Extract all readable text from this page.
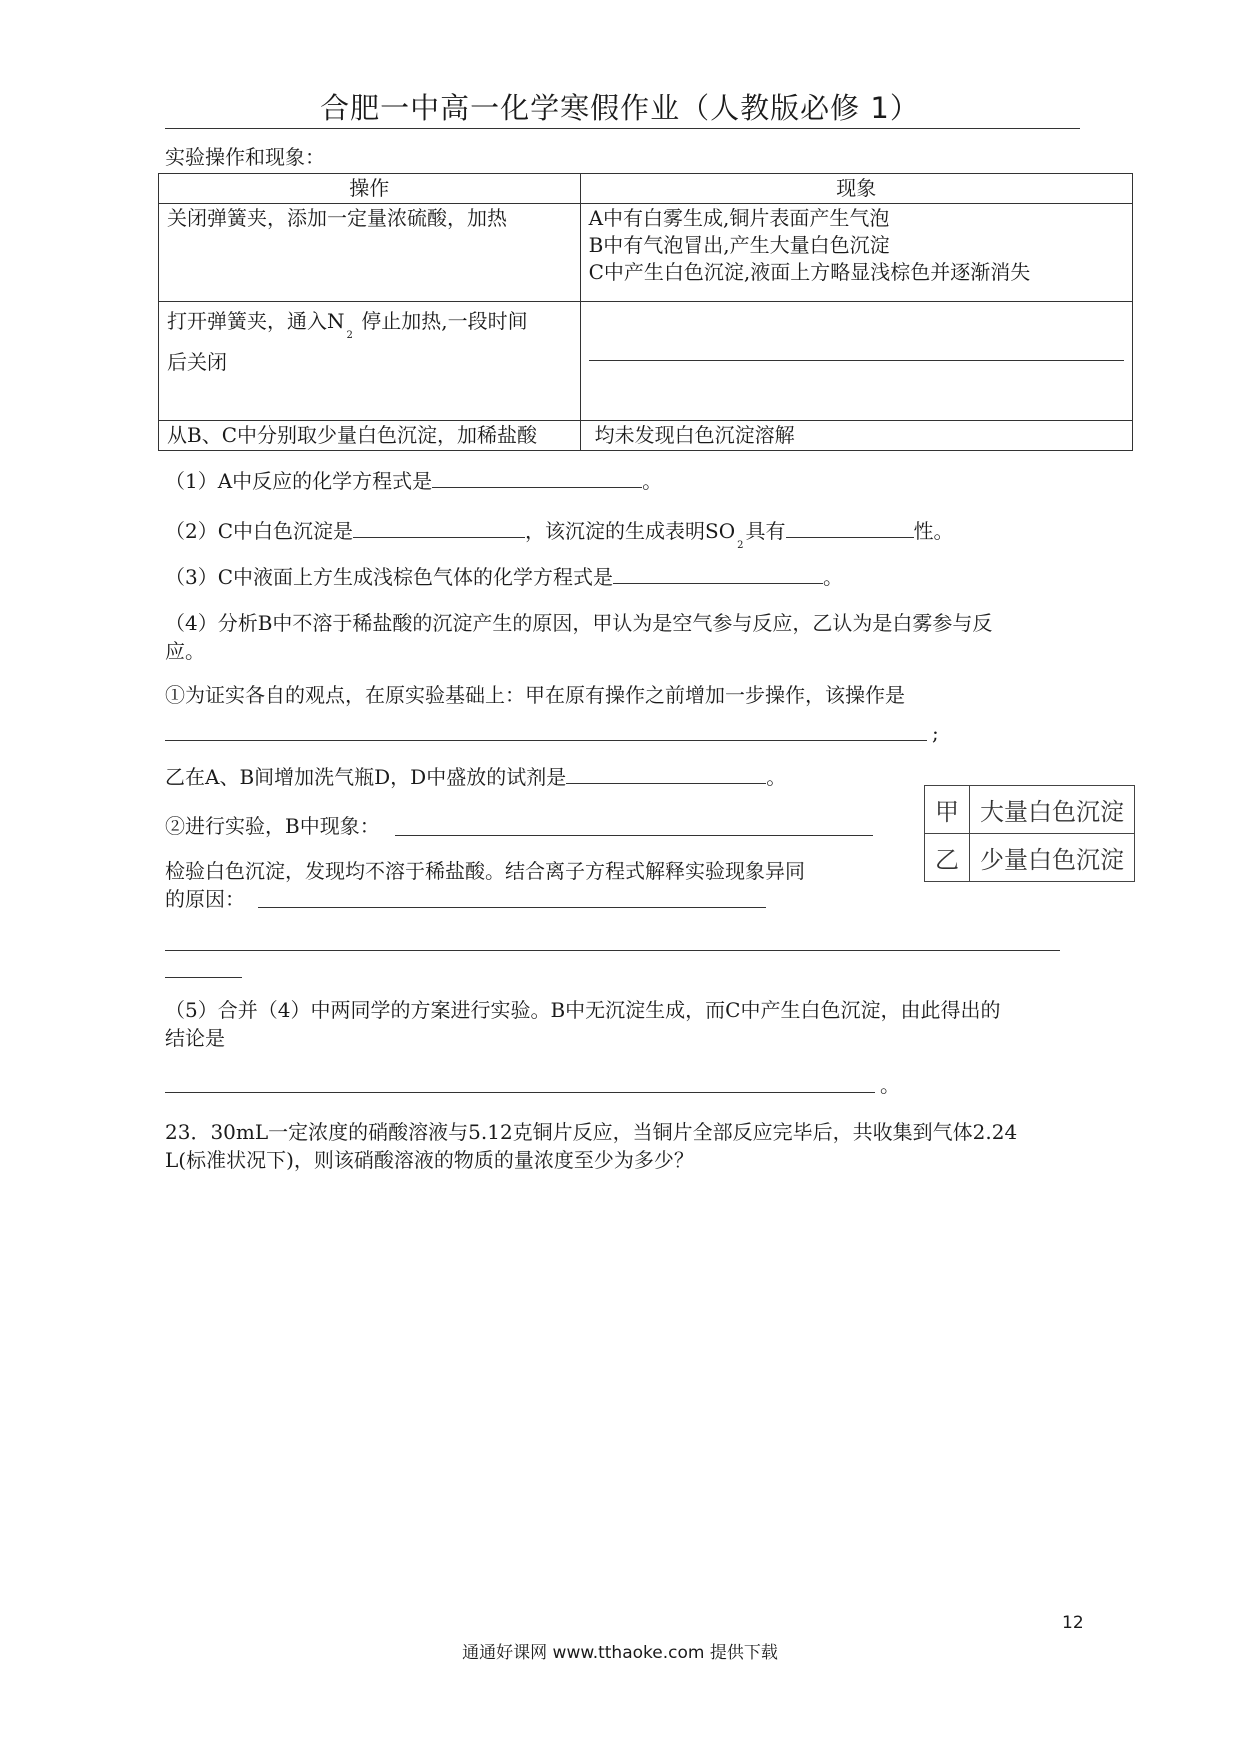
合肥一中高一化学寒假作业（人教版必修 1）
实验操作和现象：
操作	现象
关闭弹簧夹，添加一定量浓硫酸，加热	A中有白雾生成,铜片表面产生气泡
B中有气泡冒出,产生大量白色沉淀
C中产生白色沉淀,液面上方略显浅棕色并逐渐消失

打开弹簧夹，通入$N_2$ 停止加热,一段时间
后关闭	

从B、C中分别取少量白色沉淀，加稀盐酸	均未发现白色沉淀溶解
（1）A中反应的化学方程式是	。
（2）C中白色沉淀是	，该沉淀的生成表明$SO_2$具有	性。
（3）C中液面上方生成浅棕色气体的化学方程式是	。
（4）分析B中不溶于稀盐酸的沉淀产生的原因，甲认为是空气参与反应，乙认为是白雾参与反
应。
①为证实各自的观点，在原实验基础上：甲在原有操作之前增加一步操作，该操作是
;
乙在A、B间增加洗气瓶D，D中盛放的试剂是	。
②进行实验，B中现象：
检验白色沉淀，发现均不溶于稀盐酸。结合离子方程式解释实验现象异同
的原因：
甲	大量白色沉淀
乙	少量白色沉淀
（5）合并（4）中两同学的方案进行实验。B中无沉淀生成，而C中产生白色沉淀，由此得出的
结论是
。
23．30mL一定浓度的硝酸溶液与5.12克铜片反应，当铜片全部反应完毕后，共收集到气体2.24
L(标准状况下)，则该硝酸溶液的物质的量浓度至少为多少？
12
通通好课网 www.tthaoke.com 提供下载
